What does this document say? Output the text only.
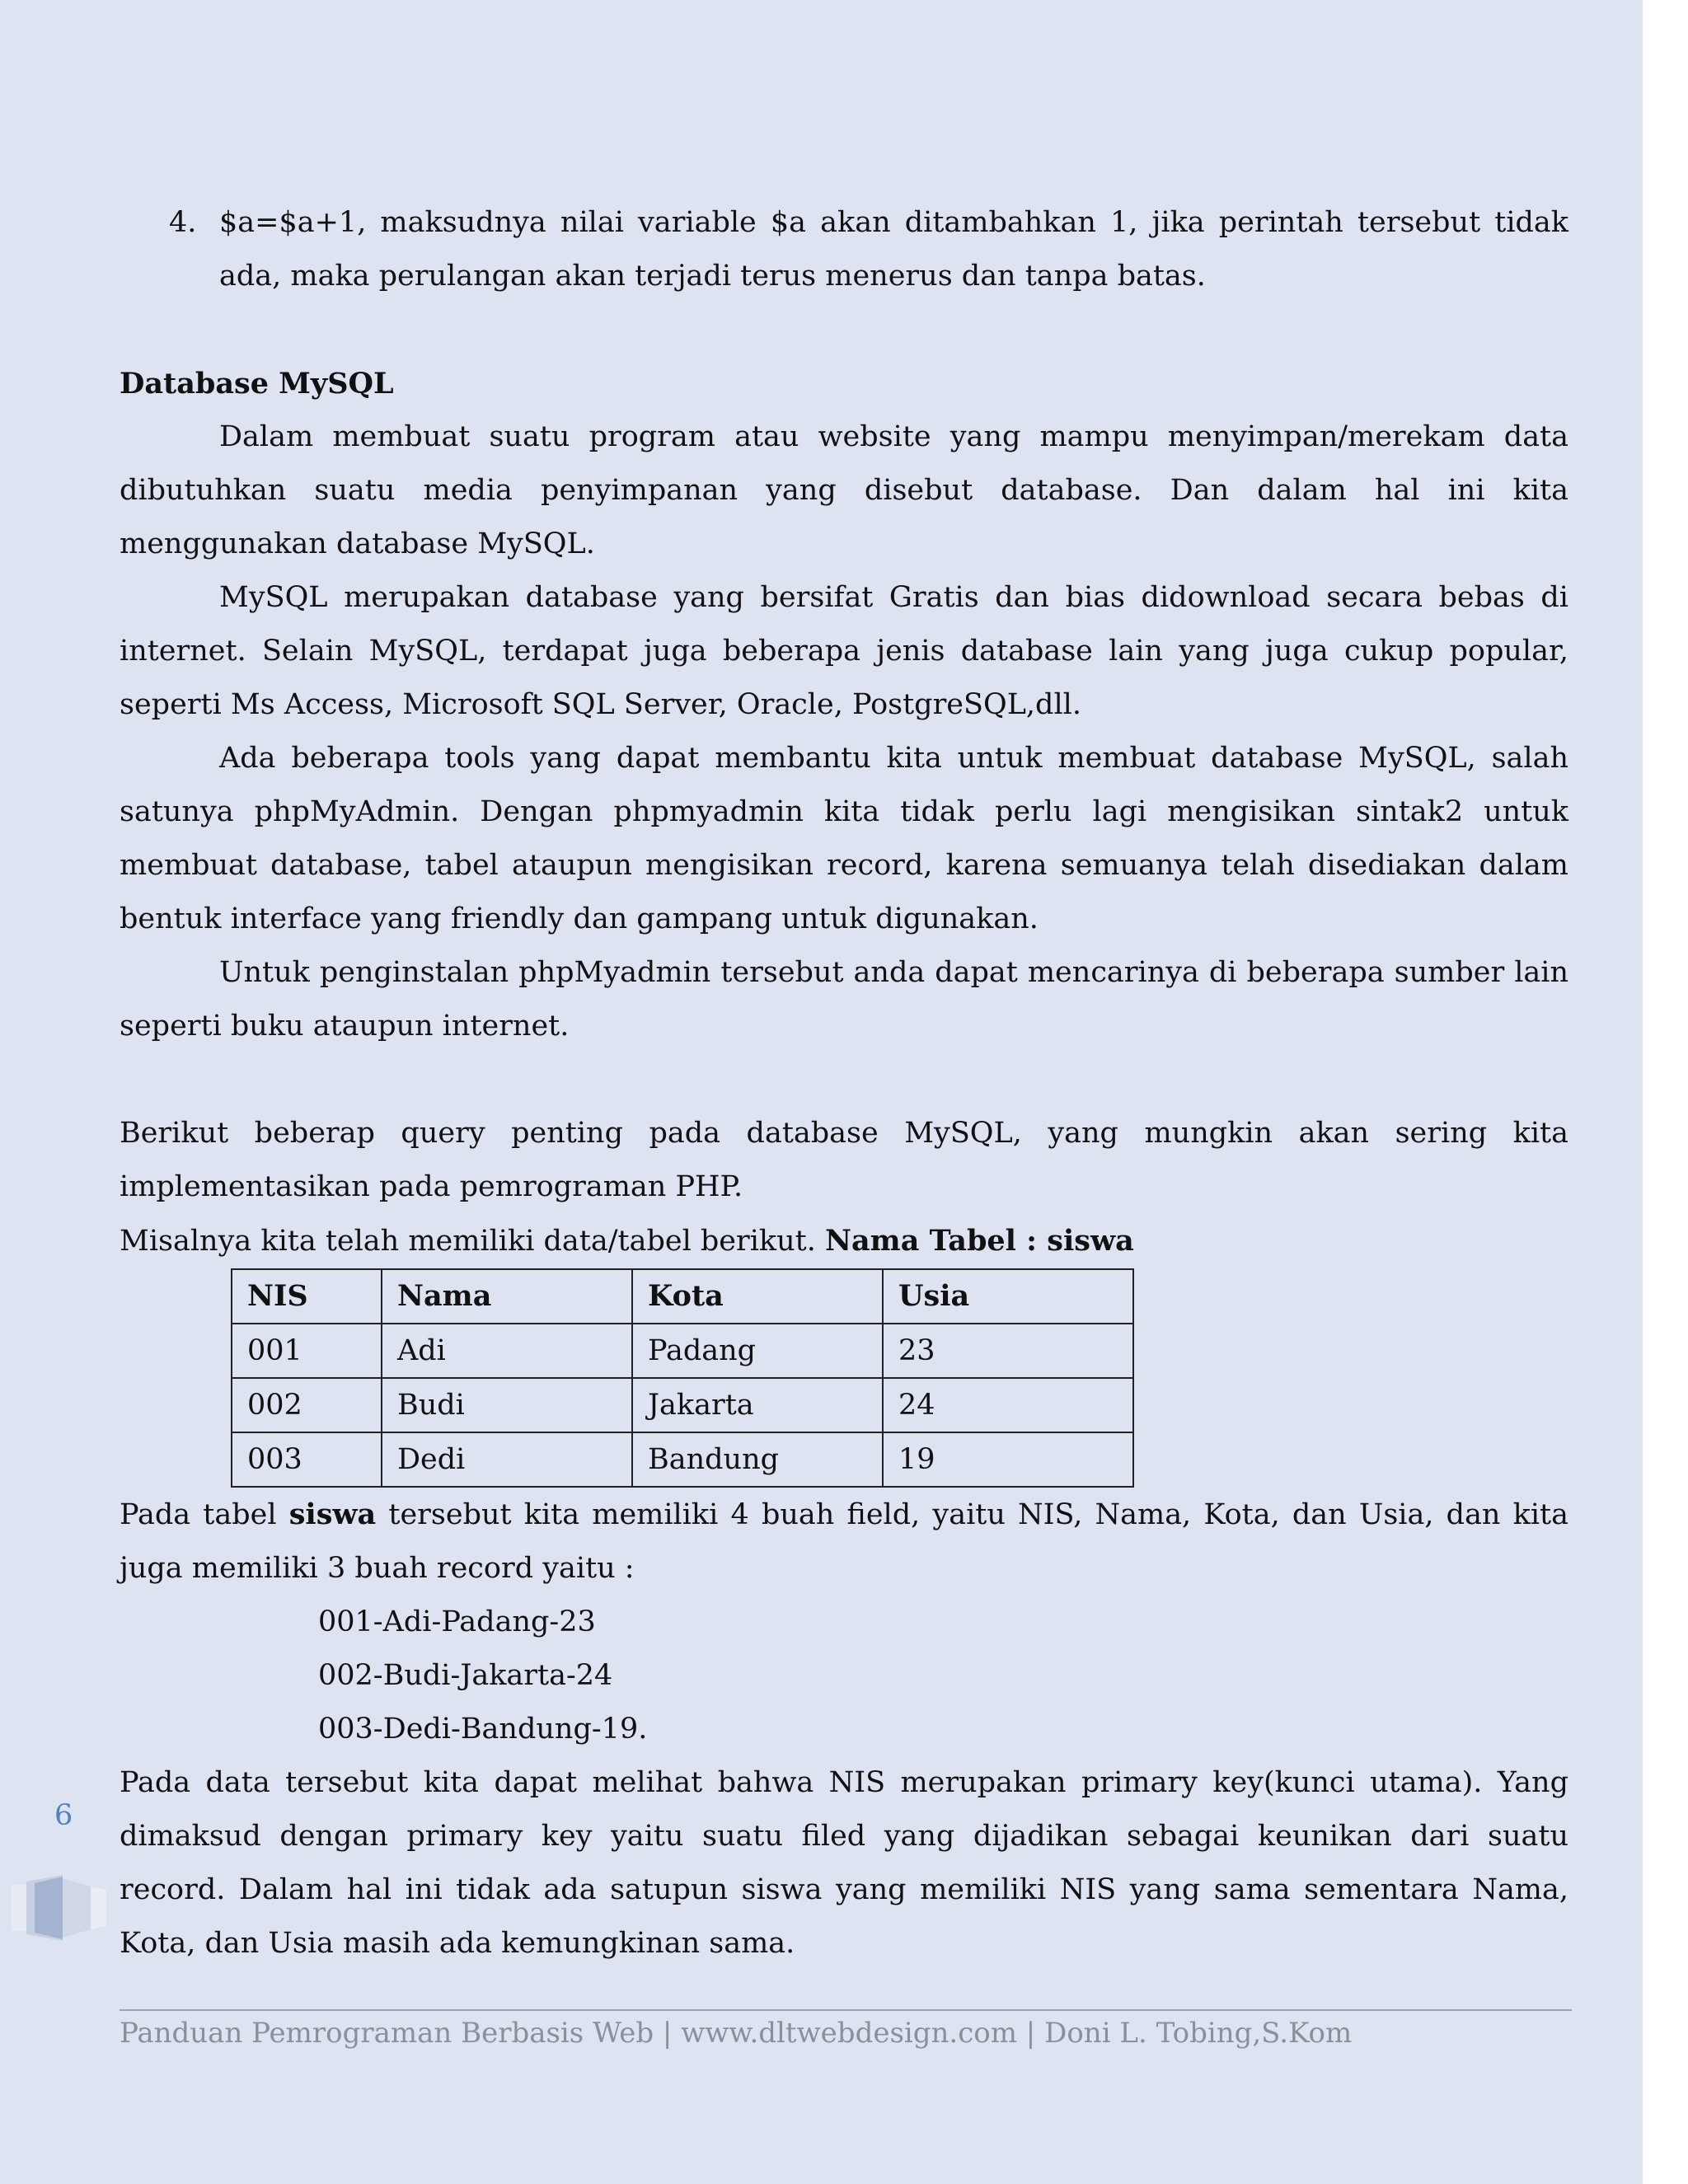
4. $a=$a+1, maksudnya nilai variable $a akan ditambahkan 1, jika perintah tersebut tidak ada, maka perulangan akan terjadi terus menerus dan tanpa batas.

Database MySQL

Dalam membuat suatu program atau website yang mampu menyimpan/merekam data dibutuhkan suatu media penyimpanan yang disebut database. Dan dalam hal ini kita menggunakan database MySQL.

MySQL merupakan database yang bersifat Gratis dan bias didownload secara bebas di internet. Selain MySQL, terdapat juga beberapa jenis database lain yang juga cukup popular, seperti Ms Access, Microsoft SQL Server, Oracle, PostgreSQL,dll.

Ada beberapa tools yang dapat membantu kita untuk membuat database MySQL, salah satunya phpMyAdmin. Dengan phpmyadmin kita tidak perlu lagi mengisikan sintak2 untuk membuat database, tabel ataupun mengisikan record, karena semuanya telah disediakan dalam bentuk interface yang friendly dan gampang untuk digunakan.

Untuk penginstalan phpMyadmin tersebut anda dapat mencarinya di beberapa sumber lain seperti buku ataupun internet.

Berikut beberap query penting pada database MySQL, yang mungkin akan sering kita implementasikan pada pemrograman PHP.

Misalnya kita telah memiliki data/tabel berikut. Nama Tabel : siswa

NIS	Nama	Kota	Usia
001	Adi	Padang	23
002	Budi	Jakarta	24
003	Dedi	Bandung	19

Pada tabel siswa tersebut kita memiliki 4 buah field, yaitu NIS, Nama, Kota, dan Usia, dan kita juga memiliki 3 buah record yaitu :

001-Adi-Padang-23

002-Budi-Jakarta-24

003-Dedi-Bandung-19.

Pada data tersebut kita dapat melihat bahwa NIS merupakan primary key(kunci utama). Yang dimaksud dengan primary key yaitu suatu filed yang dijadikan sebagai keunikan dari suatu record. Dalam hal ini tidak ada satupun siswa yang memiliki NIS yang sama sementara Nama, Kota, dan Usia masih ada kemungkinan sama.

6
Panduan Pemrograman Berbasis Web | www.dltwebdesign.com | Doni L. Tobing,S.Kom
